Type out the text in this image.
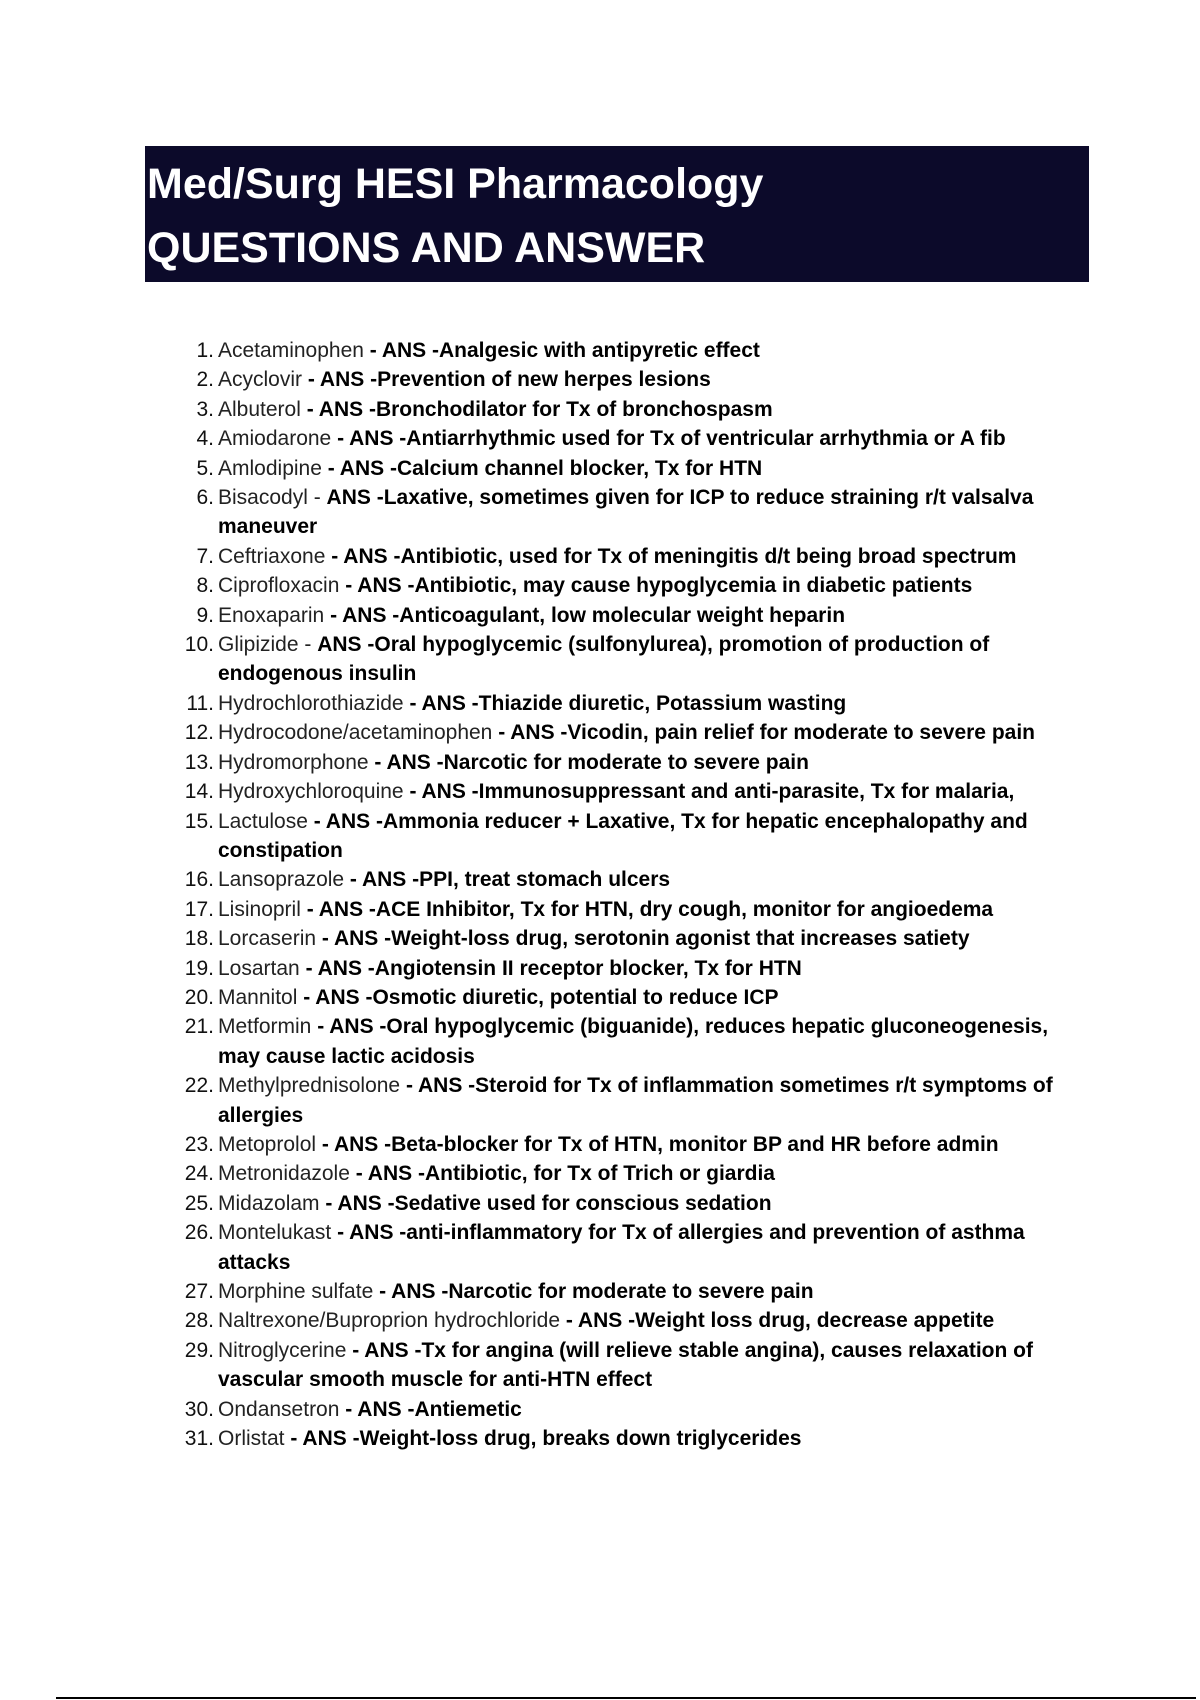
Med/Surg HESI Pharmacology
QUESTIONS AND ANSWER
1. Acetaminophen - ANS -Analgesic with antipyretic effect
2. Acyclovir - ANS -Prevention of new herpes lesions
3. Albuterol - ANS -Bronchodilator for Tx of bronchospasm
4. Amiodarone - ANS -Antiarrhythmic used for Tx of ventricular arrhythmia or A fib
5. Amlodipine - ANS -Calcium channel blocker, Tx for HTN
6. Bisacodyl - ANS -Laxative, sometimes given for ICP to reduce straining r/t valsalva maneuver
7. Ceftriaxone - ANS -Antibiotic, used for Tx of meningitis d/t being broad spectrum
8. Ciprofloxacin - ANS -Antibiotic, may cause hypoglycemia in diabetic patients
9. Enoxaparin - ANS -Anticoagulant, low molecular weight heparin
10. Glipizide - ANS -Oral hypoglycemic (sulfonylurea), promotion of production of endogenous insulin
11. Hydrochlorothiazide - ANS -Thiazide diuretic, Potassium wasting
12. Hydrocodone/acetaminophen - ANS -Vicodin, pain relief for moderate to severe pain
13. Hydromorphone - ANS -Narcotic for moderate to severe pain
14. Hydroxychloroquine - ANS -Immunosuppressant and anti-parasite, Tx for malaria,
15. Lactulose - ANS -Ammonia reducer + Laxative, Tx for hepatic encephalopathy and constipation
16. Lansoprazole - ANS -PPI, treat stomach ulcers
17. Lisinopril - ANS -ACE Inhibitor, Tx for HTN, dry cough, monitor for angioedema
18. Lorcaserin - ANS -Weight-loss drug, serotonin agonist that increases satiety
19. Losartan - ANS -Angiotensin II receptor blocker, Tx for HTN
20. Mannitol - ANS -Osmotic diuretic, potential to reduce ICP
21. Metformin - ANS -Oral hypoglycemic (biguanide), reduces hepatic gluconeogenesis, may cause lactic acidosis
22. Methylprednisolone - ANS -Steroid for Tx of inflammation sometimes r/t symptoms of allergies
23. Metoprolol - ANS -Beta-blocker for Tx of HTN, monitor BP and HR before admin
24. Metronidazole - ANS -Antibiotic, for Tx of Trich or giardia
25. Midazolam - ANS -Sedative used for conscious sedation
26. Montelukast - ANS -anti-inflammatory for Tx of allergies and prevention of asthma attacks
27. Morphine sulfate - ANS -Narcotic for moderate to severe pain
28. Naltrexone/Buproprion hydrochloride - ANS -Weight loss drug, decrease appetite
29. Nitroglycerine - ANS -Tx for angina (will relieve stable angina), causes relaxation of vascular smooth muscle for anti-HTN effect
30. Ondansetron - ANS -Antiemetic
31. Orlistat - ANS -Weight-loss drug, breaks down triglycerides
